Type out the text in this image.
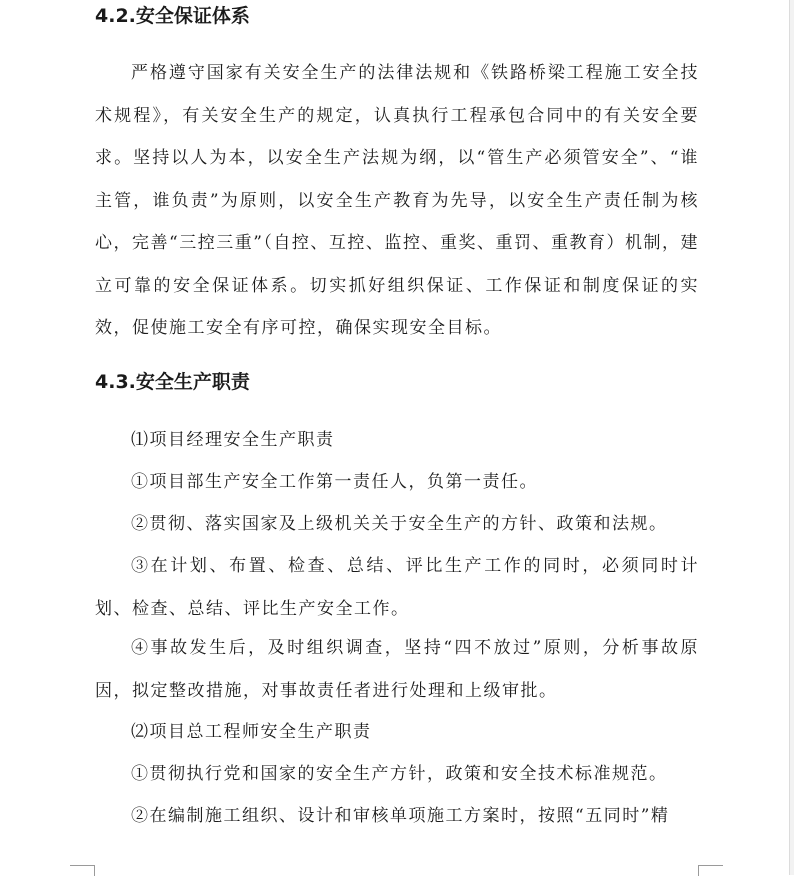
4.2.安全保证体系

严格遵守国家有关安全生产的法律法规和《铁路桥梁工程施工安全技术规程》，有关安全生产的规定，认真执行工程承包合同中的有关安全要求。坚持以人为本，以安全生产法规为纲，以“管生产必须管安全”、“谁主管，谁负责”为原则，以安全生产教育为先导，以安全生产责任制为核心，完善“三控三重”（自控、互控、监控、重奖、重罚、重教育）机制，建立可靠的安全保证体系。切实抓好组织保证、工作保证和制度保证的实效，促使施工安全有序可控，确保实现安全目标。

4.3.安全生产职责

⑴项目经理安全生产职责

①项目部生产安全工作第一责任人，负第一责任。

②贯彻、落实国家及上级机关关于安全生产的方针、政策和法规。

③在计划、布置、检查、总结、评比生产工作的同时，必须同时计划、检查、总结、评比生产安全工作。

④事故发生后，及时组织调查，坚持“四不放过”原则，分析事故原因，拟定整改措施，对事故责任者进行处理和上级审批。

⑵项目总工程师安全生产职责

①贯彻执行党和国家的安全生产方针，政策和安全技术标准规范。

②在编制施工组织、设计和审核单项施工方案时，按照“五同时”精
